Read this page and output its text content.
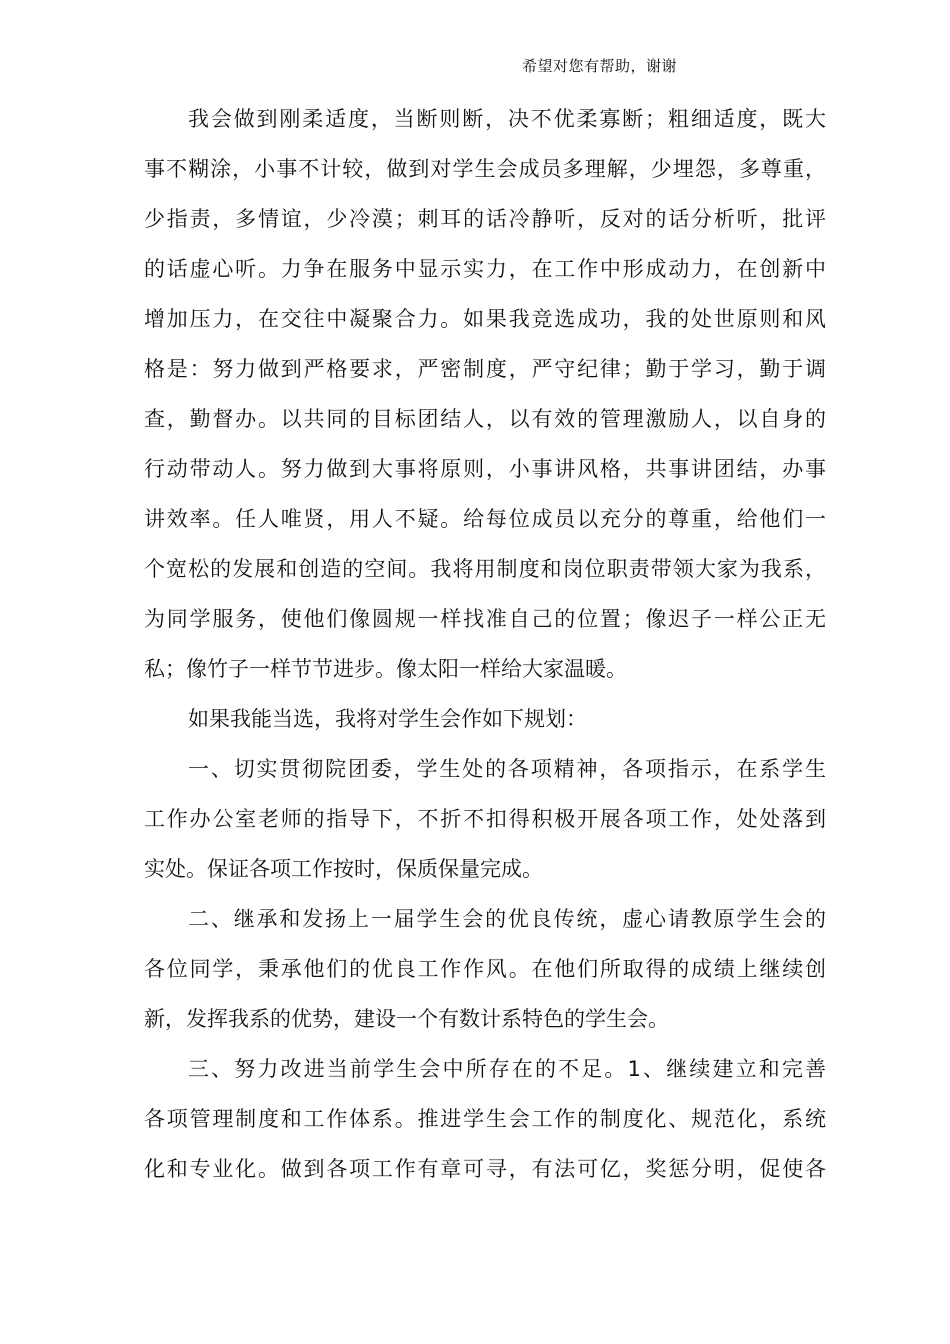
希望对您有帮助，谢谢
我会做到刚柔适度，当断则断，决不优柔寡断；粗细适度，既大
事不糊涂，小事不计较，做到对学生会成员多理解，少埋怨，多尊重，
少指责，多情谊，少冷漠；刺耳的话冷静听，反对的话分析听，批评
的话虚心听。力争在服务中显示实力，在工作中形成动力，在创新中
增加压力，在交往中凝聚合力。如果我竞选成功，我的处世原则和风
格是：努力做到严格要求，严密制度，严守纪律；勤于学习，勤于调
查，勤督办。以共同的目标团结人，以有效的管理激励人，以自身的
行动带动人。努力做到大事将原则，小事讲风格，共事讲团结，办事
讲效率。任人唯贤，用人不疑。给每位成员以充分的尊重，给他们一
个宽松的发展和创造的空间。我将用制度和岗位职责带领大家为我系，
为同学服务，使他们像圆规一样找准自己的位置；像迟子一样公正无
私；像竹子一样节节进步。像太阳一样给大家温暖。
如果我能当选，我将对学生会作如下规划：
一、切实贯彻院团委，学生处的各项精神，各项指示，在系学生
工作办公室老师的指导下，不折不扣得积极开展各项工作，处处落到
实处。保证各项工作按时，保质保量完成。
二、继承和发扬上一届学生会的优良传统，虚心请教原学生会的
各位同学，秉承他们的优良工作作风。在他们所取得的成绩上继续创
新，发挥我系的优势，建设一个有数计系特色的学生会。
三、努力改进当前学生会中所存在的不足。1、继续建立和完善
各项管理制度和工作体系。推进学生会工作的制度化、规范化，系统
化和专业化。做到各项工作有章可寻，有法可亿，奖惩分明，促使各
